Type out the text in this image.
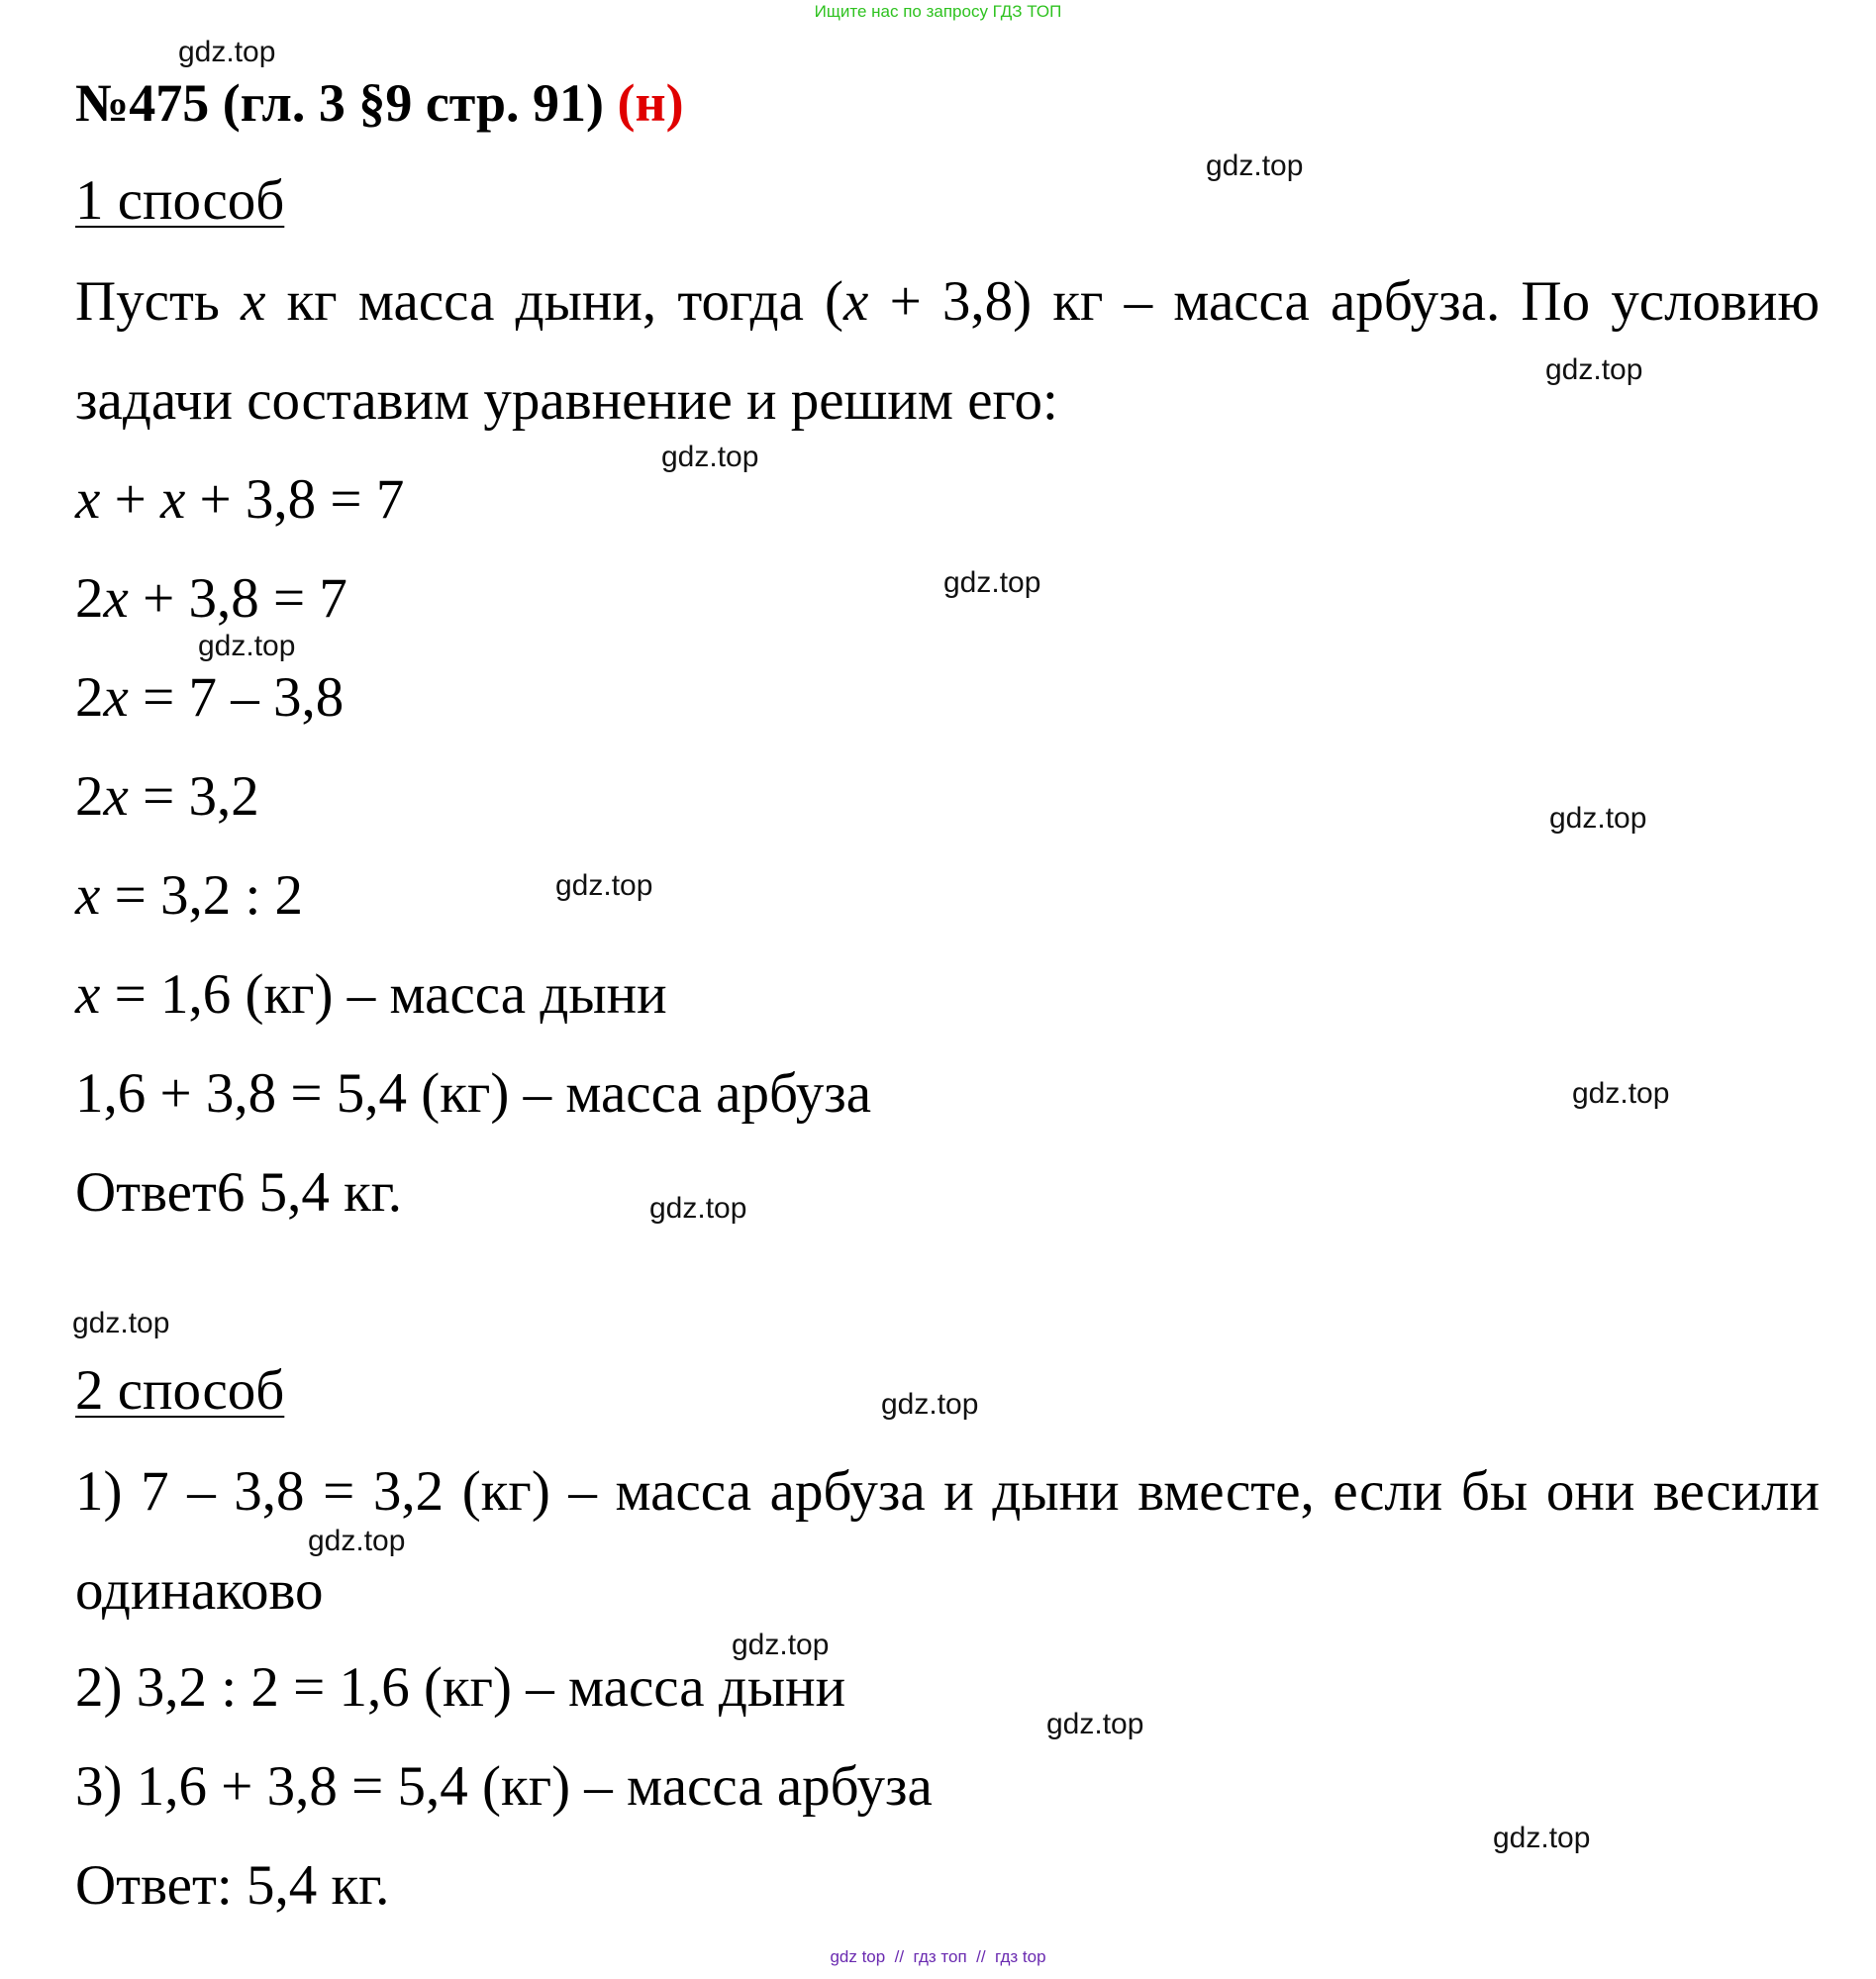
Ищите нас по запросу ГДЗ ТОП
№475 (гл. 3 §9 стр. 91) (н)
1 способ
Пусть x кг масса дыни, тогда (x + 3,8) кг – масса арбуза. По условию задачи составим уравнение и решим его:
x + x + 3,8 = 7
2x + 3,8 = 7
2x = 7 – 3,8
2x = 3,2
x = 3,2 : 2
x = 1,6 (кг) – масса дыни
1,6 + 3,8 = 5,4 (кг) – масса арбуза
Ответ6 5,4 кг.
2 способ
1) 7 – 3,8 = 3,2 (кг) – масса арбуза и дыни вместе, если бы они весили одинаково
2) 3,2 : 2 = 1,6 (кг) – масса дыни
3) 1,6 + 3,8 = 5,4 (кг) – масса арбуза
Ответ: 5,4 кг.
gdz.top
gdz.top
gdz.top
gdz.top
gdz.top
gdz.top
gdz.top
gdz.top
gdz.top
gdz.top
gdz.top
gdz.top
gdz.top
gdz.top
gdz.top
gdz.top
gdz top  //  гдз топ  //  гдз top
